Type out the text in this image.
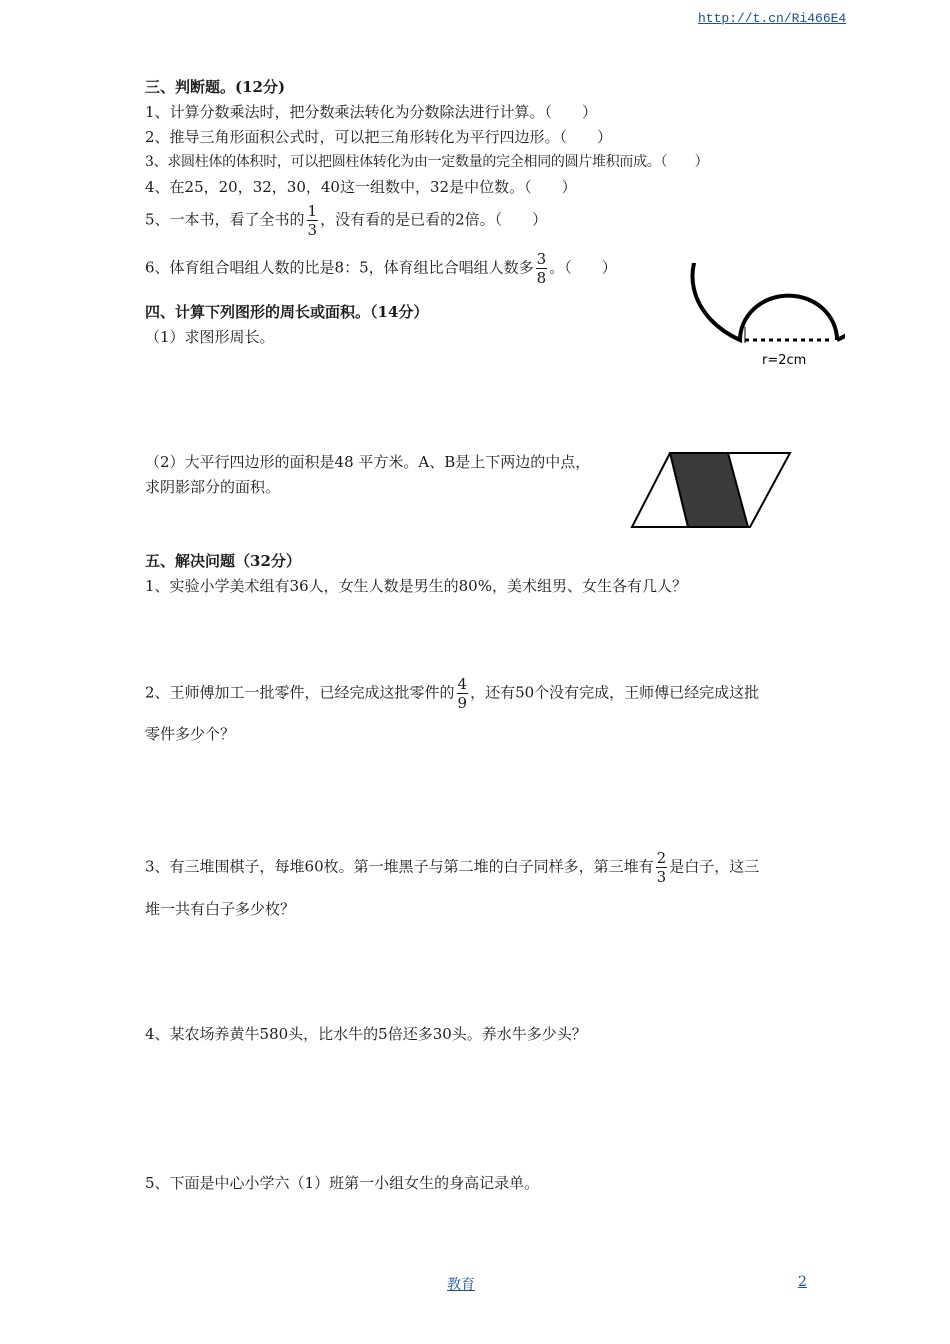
http://t.cn/Ri466E4
三、判断题。(12分)
1、计算分数乘法时，把分数乘法转化为分数除法进行计算。（　　）
2、推导三角形面积公式时，可以把三角形转化为平行四边形。（　　）
3、求圆柱体的体积时，可以把圆柱体转化为由一定数量的完全相同的圆片堆积而成。（　　）
4、在25，20，32，30，40这一组数中，32是中位数。（　　）
5、一本书，看了全书的 $\frac{1}{3}$ ，没有看的是已看的2倍。（　　）
6、体育组合唱组人数的比是8：5，体育组比合唱组人数多 $\frac{3}{8}$ 。（　　）
四、计算下列图形的周长或面积。（14分）
（1）求图形周长。
r=2cm
（2）大平行四边形的面积是48 平方米。A、B是上下两边的中点，
求阴影部分的面积。
五、解决问题（32分）
1、实验小学美术组有36人，女生人数是男生的80%，美术组男、女生各有几人？
2、王师傅加工一批零件，已经完成这批零件的 $\frac{4}{9}$ ，还有50个没有完成，王师傅已经完成这批
零件多少个？
3、有三堆围棋子，每堆60枚。第一堆黑子与第二堆的白子同样多，第三堆有 $\frac{2}{3}$ 是白子，这三
堆一共有白子多少枚？
4、某农场养黄牛580头，比水牛的5倍还多30头。养水牛多少头？
5、下面是中心小学六（1）班第一小组女生的身高记录单。
教育	2
